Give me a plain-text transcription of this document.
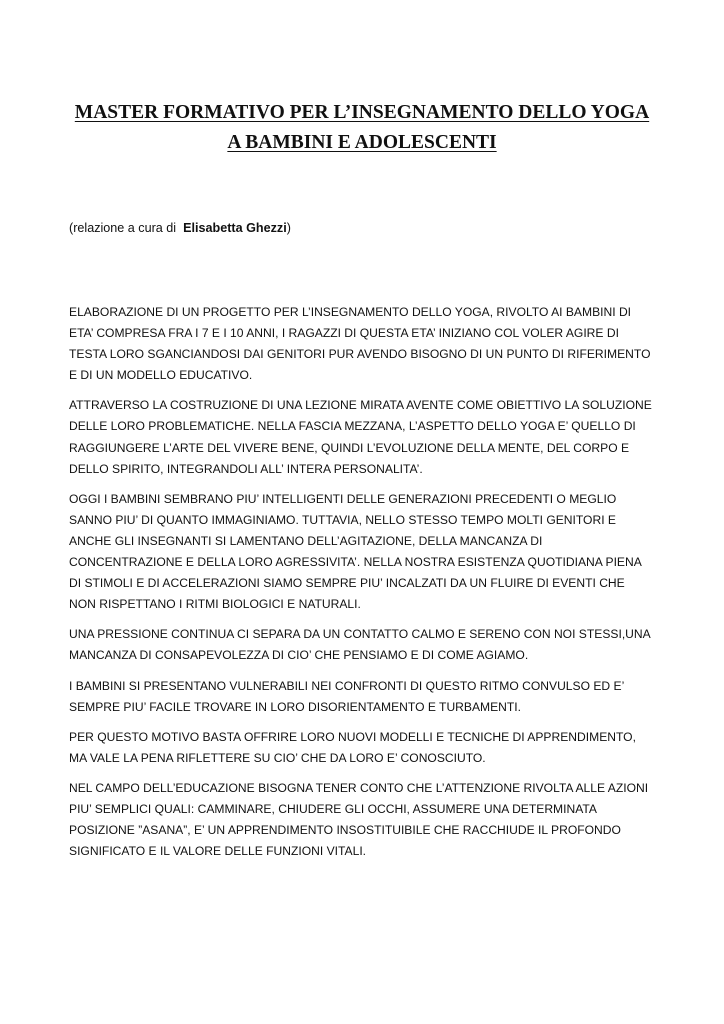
MASTER FORMATIVO PER L’INSEGNAMENTO DELLO YOGA
A BAMBINI E ADOLESCENTI

(relazione a cura di  Elisabetta Ghezzi)

ELABORAZIONE DI UN PROGETTO PER L’INSEGNAMENTO DELLO YOGA, RIVOLTO AI BAMBINI DI
ETA’ COMPRESA FRA I 7 E I 10 ANNI, I RAGAZZI DI QUESTA ETA’ INIZIANO COL VOLER AGIRE DI
TESTA LORO SGANCIANDOSI DAI GENITORI PUR AVENDO BISOGNO DI UN PUNTO DI RIFERIMENTO
E DI UN MODELLO EDUCATIVO.

ATTRAVERSO LA COSTRUZIONE DI UNA LEZIONE MIRATA AVENTE COME OBIETTIVO LA SOLUZIONE
DELLE LORO PROBLEMATICHE. NELLA FASCIA MEZZANA, L’ASPETTO DELLO YOGA E’ QUELLO DI
RAGGIUNGERE L’ARTE DEL VIVERE BENE, QUINDI L’EVOLUZIONE DELLA MENTE, DEL CORPO E
DELLO SPIRITO, INTEGRANDOLI ALL’ INTERA PERSONALITA’.

OGGI I BAMBINI SEMBRANO PIU’ INTELLIGENTI DELLE GENERAZIONI PRECEDENTI O MEGLIO
SANNO PIU’ DI QUANTO IMMAGINIAMO. TUTTAVIA, NELLO STESSO TEMPO MOLTI GENITORI E
ANCHE GLI INSEGNANTI SI LAMENTANO DELL’AGITAZIONE, DELLA MANCANZA DI
CONCENTRAZIONE E DELLA LORO AGRESSIVITA’. NELLA NOSTRA ESISTENZA QUOTIDIANA PIENA
DI STIMOLI E DI ACCELERAZIONI SIAMO SEMPRE PIU’ INCALZATI DA UN FLUIRE DI EVENTI CHE
NON RISPETTANO I RITMI BIOLOGICI E NATURALI.

UNA PRESSIONE CONTINUA CI SEPARA DA UN CONTATTO CALMO E SERENO CON NOI STESSI,UNA
MANCANZA DI CONSAPEVOLEZZA DI CIO’ CHE PENSIAMO E DI COME AGIAMO.

I BAMBINI SI PRESENTANO VULNERABILI NEI CONFRONTI DI QUESTO RITMO CONVULSO ED E’
SEMPRE PIU’ FACILE TROVARE IN LORO DISORIENTAMENTO E TURBAMENTI.

PER QUESTO MOTIVO BASTA OFFRIRE LORO NUOVI MODELLI E TECNICHE DI APPRENDIMENTO,
MA VALE LA PENA RIFLETTERE SU CIO’ CHE DA LORO E’ CONOSCIUTO.

NEL CAMPO DELL’EDUCAZIONE BISOGNA TENER CONTO CHE L’ATTENZIONE RIVOLTA ALLE AZIONI
PIU’ SEMPLICI QUALI: CAMMINARE, CHIUDERE GLI OCCHI, ASSUMERE UNA DETERMINATA
POSIZIONE ”ASANA”, E’ UN APPRENDIMENTO INSOSTITUIBILE CHE RACCHIUDE IL PROFONDO
SIGNIFICATO E IL VALORE DELLE FUNZIONI VITALI.
